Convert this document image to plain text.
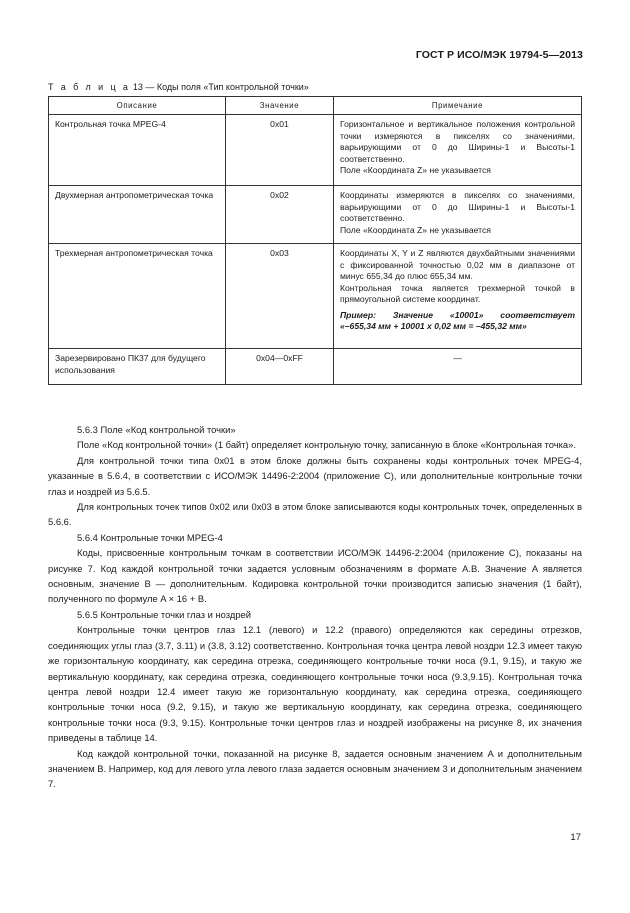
ГОСТ Р ИСО/МЭК 19794-5—2013
Т а б л и ц а 13 — Коды поля «Тип контрольной точки»
Описание	Значение	Примечание
Контрольная точка MPEG-4	0x01	Горизонтальное и вертикальное положения контрольной точки измеряются в пикселях со значениями, варьирующими от 0 до Ширины-1 и Высоты-1 соответственно.
Поле «Координата Z» не указывается
Двухмерная антропометрическая точка	0x02	Координаты измеряются в пикселях со значениями, варьирующими от 0 до Ширины-1 и Высоты-1 соответственно.
Поле «Координата Z» не указывается
Трехмерная антропометрическая точка	0x03	Координаты X, Y и Z являются двухбайтными значениями с фиксированной точностью 0,02 мм в диапазоне от минус 655,34 до плюс 655,34 мм.
Контрольная точка является трехмерной точкой в прямоугольной системе координат.
Пример: Значение «10001» соответствует
«–655,34 мм + 10001 х 0,02 мм = –455,32 мм»

Зарезервировано ПК37 для будущего использования	0x04—0xFF	—

5.6.3 Поле «Код контрольной точки»

Поле «Код контрольной точки» (1 байт) определяет контрольную точку, записанную в блоке «Контрольная точка».

Для контрольной точки типа 0x01 в этом блоке должны быть сохранены коды контрольных точек MPEG-4, указанные в 5.6.4, в соответствии с ИСО/МЭК 14496-2:2004 (приложение С), или дополнительные контрольные точки глаз и ноздрей из 5.6.5.

Для контрольных точек типов 0x02 или 0x03 в этом блоке записываются коды контрольных точек, определенных в 5.6.6.

5.6.4 Контрольные точки MPEG-4

Коды, присвоенные контрольным точкам в соответствии ИСО/МЭК 14496-2:2004 (приложение С), показаны на рисунке 7. Код каждой контрольной точки задается условным обозначениям в формате A.B. Значение A является основным, значение B — дополнительным. Кодировка контрольной точки производится записью значения (1 байт), полученного по формуле A × 16 + B.

5.6.5 Контрольные точки глаз и ноздрей

Контрольные точки центров глаз 12.1 (левого) и 12.2 (правого) определяются как середины отрезков, соединяющих углы глаз (3.7, 3.11) и (3.8, 3.12) соответственно. Контрольная точка центра левой ноздри 12.3 имеет такую же горизонтальную координату, как середина отрезка, соединяющего контрольные точки носа (9.1, 9.15), и такую же вертикальную координату, как середина отрезка, соединяющего контрольные точки носа (9.3,9.15). Контрольная точка центра левой ноздри 12.4 имеет такую же горизонтальную координату, как середина отрезка, соединяющего контрольные точки носа (9.2, 9.15), и такую же вертикальную координату, как середина отрезка, соединяющего контрольные точки носа (9.3, 9.15). Контрольные точки центров глаз и ноздрей изображены на рисунке 8, их значения приведены в таблице 14.

Код каждой контрольной точки, показанной на рисунке 8, задается основным значением A и дополнительным значением B. Например, код для левого угла левого глаза задается основным значением 3 и дополнительным значением 7.

17
